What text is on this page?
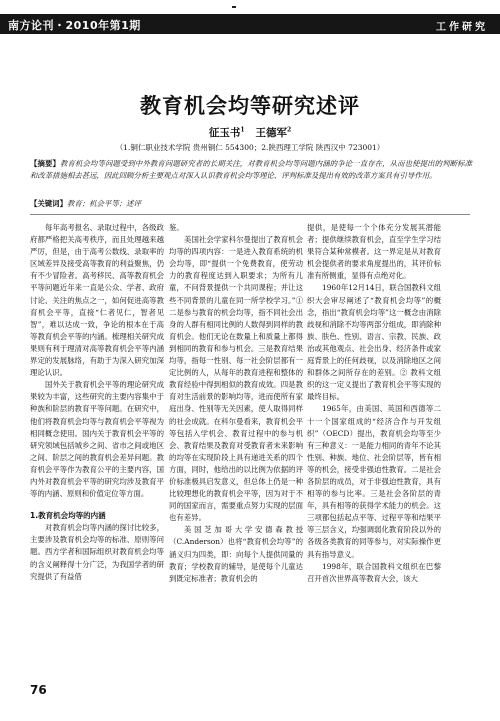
南方论刊・2010年第1期	工作研究
教育机会均等研究述评
征玉书$^1$ 王德军$^2$
（1.铜仁职业技术学院 贵州铜仁 554300；2.陕西理工学院 陕西汉中 723001）
【摘要】教育机会均等问题受到中外教育问题研究者的长期关注，对教育机会均等问题内涵的争论一直存在，从而也使提出的判断标准和改革措施相去甚远，因此回顾分析主要观点对深入认识教育机会均等理论、评判标准及提出有效的改革方案具有引导作用。
【关键词】教育；机会平等；述评

每年高考报名、录取过程中，各级政府都严格把关高考秩序，而且处理越来越严厉，但是，由于高考公数线、录取率的区域差异及接受高等教育的利益聚焦，仍有不少冒险者。高考移民、高等教育机会平等问题近年来一直是公众、学者、政府讨论、关注的焦点之一，如何促进高等教育机会平等，直接“仁者见仁，智者见智”，难以达成一致，争论的根本在于高等教育机会平等的内涵。梳理相关研究成果则有利于理清对高等教育机会平等内涵界定的发展脉络，有助于为深入研究加深理论认识。

国外关于教育机会平等的理论研究成果较为丰富，这些研究的主要内容集中于种族和阶层的教育平等问题。在研究中，他们将教育机会均等与教育机会平等视为相同概念使用。国内关于教育机会平等的研究领域包括城乡之间、省市之间或地区之间、阶层之间的教育机会差异问题。教育机会平等作为教育公平的主要内容，国内外对教育机会平等的研究均涉及教育平等的内涵、原则和价值定位等方面。

1.教育机会均等的内涵

对教育机会均等内涵的探讨比较多，主要涉及教育机会均等的标准、原则等问题。西方学者和国际组织对教育机会均等的含义阐释得十分广泛，为我国学者的研究提供了有益借

鉴。

美国社会学家科尔曼提出了教育机会均等的四项内容：一是进入教育系统的机会均等，即“提供一个免费教育，使劳动力的教育程度达到入职要求；为所有儿童，不问背景提供一个共同课程；并让这些不同背景的儿童在同一所学校学习。”① 二是参与教育的机会均等，指不同社会出身的人群有相同比例的人数得到同样的教育机会。他们无论在数量上和质量上都得到相同的教育和参与机会。三是教育结果均等，指每一性别、每一社会阶层都有一定比例的人，从每年的教育进程和整体的教育经验中得到相似的教育成效。四是教育对生活前景的影响均等，进而使所有家庭出身、性别等无关因素，使人取得同样的社会成就。在科尔曼看来，教育机会平等包括入学机会、教育过程中的参与机会、教育结果及教育对受教育者未来影响的均等在实现阶段上具有递进关系的四个方面，同时，他给出的以比例为依据的评价标准极具启发意义，但总体上仍是一种比较理想化的教育机会平等，因为对于不同的国家而言，需要重点努力实现的层面也有差异。

美国芝加哥大学安德森教授（C.Anderson）也将“教育机会均等”的涵义归为四类，即：向每个人提供同量的教育；学校教育的辅导，是使每个儿童达到既定标准者；教育机会的

提供，是使每一个个体充分发展其潜能者；提供继续教育机会，直至学生学习结果符合某种常模者。这一界定是从对教育机会提供者的要求角度提出的，其评价标准有所侧重，显得有点绝对化。

1960年12月14日，联合国教科文组织大会审尽阐述了“教育机会均等”的概念，指出“教育机会均等”这一概念由消除歧视和消除不均等两部分组成，即消除种族、肤色、性别、语言、宗教、民族、政治或其他观点、社会出身、经济条件或家庭背景上的任何歧视，以及消除地区之间和群体之间所存在的差别。② 教科文组织的这一定义提出了教育机会平等实现的最终目标。

1965年，由美国、英国和西德等二十一个国家组成的“经济合作与开发组织”（OECD）提出，教育机会均等至少有三种意义：一是能力相同的青年不论其性别、种族、地位、社会阶层等，皆有相等的机会，接受非强迫性教育。二是社会各阶层的成员，对于非强迫性教育，具有相等的参与比率。三是社会各阶层的青年，具有相等的获得学术能力的机会。这三项都包括起点平等、过程平等和结果平等三层含义，均强调弱化教育阶段以外的各级各类教育的同等参与，对实际操作更具有指导意义。

1998年，联合国教科文组织在巴黎召开首次世界高等教育大会，该大

76
